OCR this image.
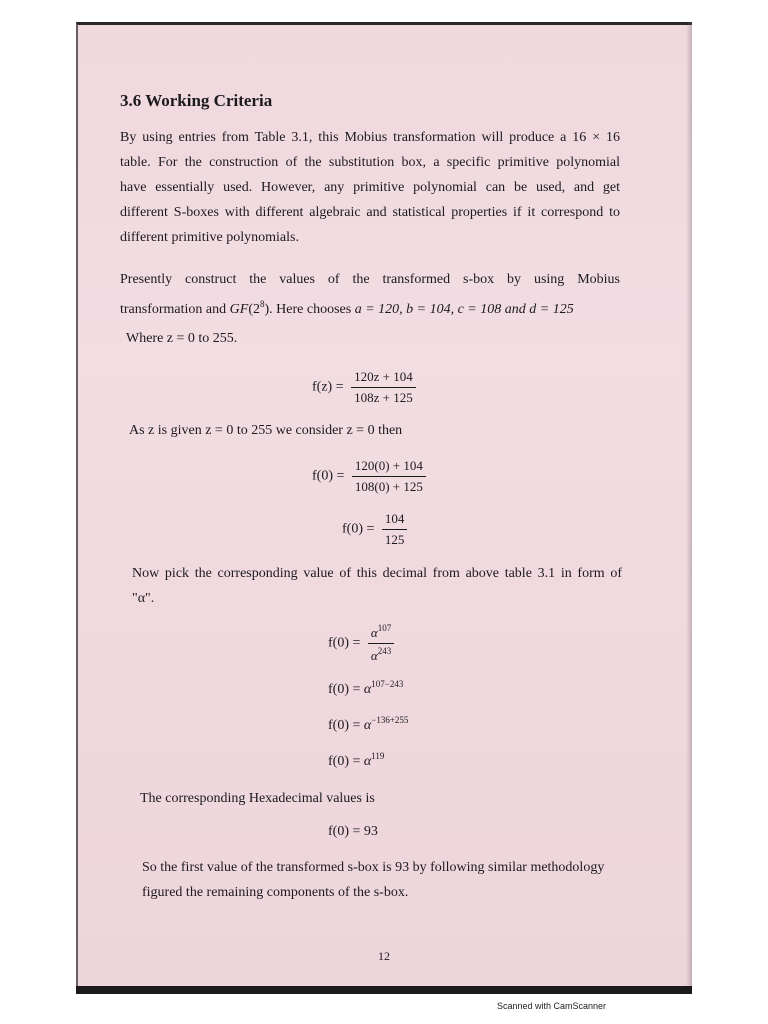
3.6 Working Criteria
By using entries from Table 3.1, this Mobius transformation will produce a 16 × 16
table. For the construction of the substitution box, a specific primitive polynomial
have essentially used. However, any primitive polynomial can be used, and get
different S-boxes with different algebraic and statistical properties if it correspond to
different primitive polynomials.
Presently construct the values of the transformed s-box by using Mobius
transformation and $GF(2^8)$. Here chooses a = 120, b = 104, c = 108 and d = 125
Where z = 0 to 255.
$f(z) = \frac{120z + 104}{108z + 125}$
As z is given z = 0 to 255 we consider z = 0 then
$f(0) = \frac{120(0) + 104}{108(0) + 125}$
$f(0) = \frac{104}{125}$
Now pick the corresponding value of this decimal from above table 3.1 in form of
"α".
$f(0) = \frac{\alpha^{107}}{\alpha^{243}}$
$f(0) = \alpha^{107-243}$
$f(0) = \alpha^{-136+255}$
$f(0) = \alpha^{119}$
The corresponding Hexadecimal values is
f(0) = 93
So the first value of the transformed s-box is 93 by following similar methodology
figured the remaining components of the s-box.
12
Scanned with CamScanner
